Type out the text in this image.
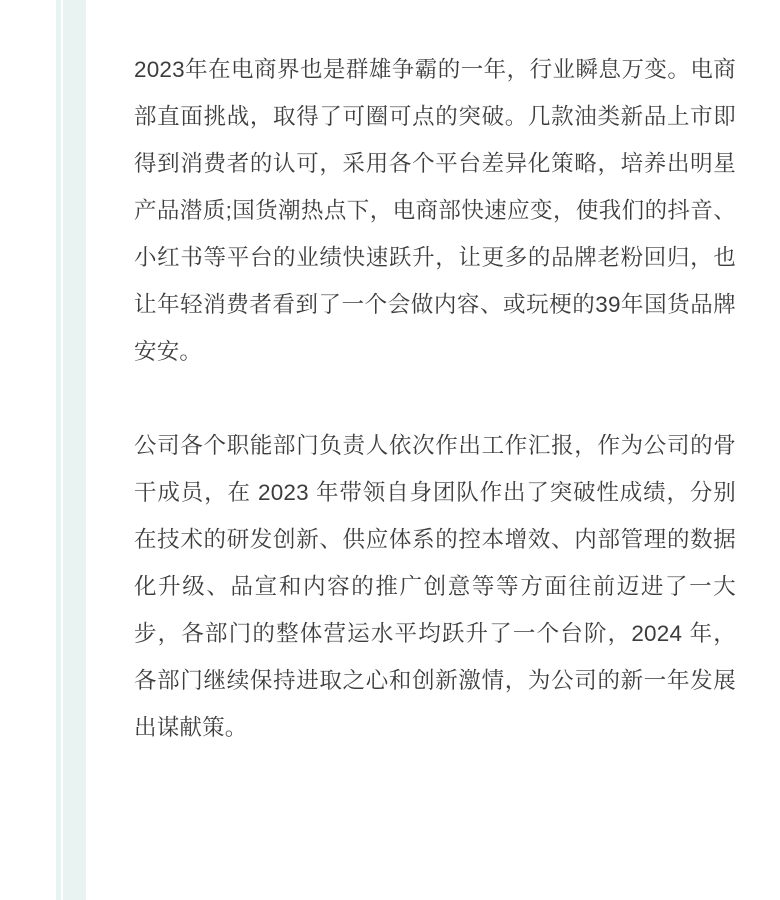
2023年在电商界也是群雄争霸的一年，行业瞬息万变。电商部直面挑战，取得了可圈可点的突破。几款油类新品上市即得到消费者的认可，采用各个平台差异化策略，培养出明星产品潜质;国货潮热点下，电商部快速应变，使我们的抖音、小红书等平台的业绩快速跃升，让更多的品牌老粉回归，也让年轻消费者看到了一个会做内容、或玩梗的39年国货品牌安安。

公司各个职能部门负责人依次作出工作汇报，作为公司的骨干成员，在 2023 年带领自身团队作出了突破性成绩，分别在技术的研发创新、供应体系的控本增效、内部管理的数据化升级、品宣和内容的推广创意等等方面往前迈进了一大步，各部门的整体营运水平均跃升了一个台阶，2024 年，各部门继续保持进取之心和创新激情，为公司的新一年发展出谋献策。
